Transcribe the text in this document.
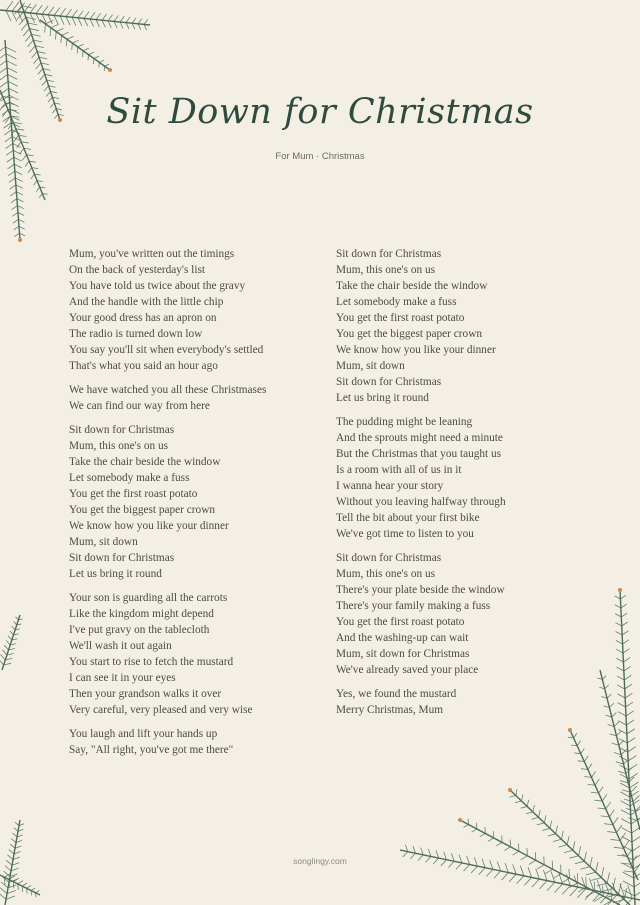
Sit Down for Christmas
For Mum · Christmas
Mum, you've written out the timings
On the back of yesterday's list
You have told us twice about the gravy
And the handle with the little chip
Your good dress has an apron on
The radio is turned down low
You say you'll sit when everybody's settled
That's what you said an hour ago
We have watched you all these Christmases
We can find our way from here
Sit down for Christmas
Mum, this one's on us
Take the chair beside the window
Let somebody make a fuss
You get the first roast potato
You get the biggest paper crown
We know how you like your dinner
Mum, sit down
Sit down for Christmas
Let us bring it round
Your son is guarding all the carrots
Like the kingdom might depend
I've put gravy on the tablecloth
We'll wash it out again
You start to rise to fetch the mustard
I can see it in your eyes
Then your grandson walks it over
Very careful, very pleased and very wise
You laugh and lift your hands up
Say, "All right, you've got me there"
Sit down for Christmas
Mum, this one's on us
Take the chair beside the window
Let somebody make a fuss
You get the first roast potato
You get the biggest paper crown
We know how you like your dinner
Mum, sit down
Sit down for Christmas
Let us bring it round
The pudding might be leaning
And the sprouts might need a minute
But the Christmas that you taught us
Is a room with all of us in it
I wanna hear your story
Without you leaving halfway through
Tell the bit about your first bike
We've got time to listen to you
Sit down for Christmas
Mum, this one's on us
There's your plate beside the window
There's your family making a fuss
You get the first roast potato
And the washing-up can wait
Mum, sit down for Christmas
We've already saved your place
Yes, we found the mustard
Merry Christmas, Mum
songlingy.com
